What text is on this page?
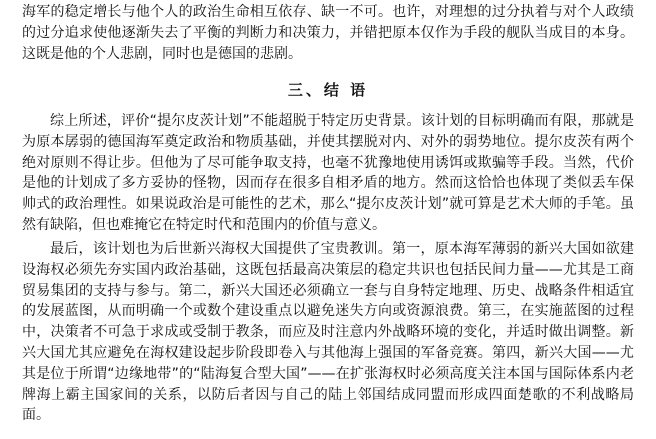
海军的稳定增长与他个人的政治生命相互依存、缺一不可。也许，对理想的过分执着与对个人政绩的过分追求使他逐渐失去了平衡的判断力和决策力，并错把原本仅作为手段的舰队当成目的本身。这既是他的个人悲剧，同时也是德国的悲剧。

三、结 语

综上所述，评价“提尔皮茨计划”不能超脱于特定历史背景。该计划的目标明确而有限，那就是为原本孱弱的德国海军奠定政治和物质基础，并使其摆脱对内、对外的弱势地位。提尔皮茨有两个绝对原则不得让步。但他为了尽可能争取支持，也毫不犹豫地使用诱饵或欺骗等手段。当然，代价是他的计划成了多方妥协的怪物，因而存在很多自相矛盾的地方。然而这恰恰也体现了类似丢车保帅式的政治理性。如果说政治是可能性的艺术，那么“提尔皮茨计划”就可算是艺术大师的手笔。虽然有缺陷，但也难掩它在特定时代和范围内的价值与意义。

最后，该计划也为后世新兴海权大国提供了宝贵教训。第一，原本海军薄弱的新兴大国如欲建设海权必须先夯实国内政治基础，这既包括最高决策层的稳定共识也包括民间力量——尤其是工商贸易集团的支持与参与。第二，新兴大国还必须确立一套与自身特定地理、历史、战略条件相适宜的发展蓝图，从而明确一个或数个建设重点以避免迷失方向或资源浪费。第三，在实施蓝图的过程中，决策者不可急于求成或受制于教条，而应及时注意内外战略环境的变化，并适时做出调整。新兴大国尤其应避免在海权建设起步阶段即卷入与其他海上强国的军备竞赛。第四，新兴大国——尤其是位于所谓“边缘地带”的“陆海复合型大国”——在扩张海权时必须高度关注本国与国际体系内老牌海上霸主国家间的关系，以防后者因与自己的陆上邻国结成同盟而形成四面楚歌的不利战略局面。
